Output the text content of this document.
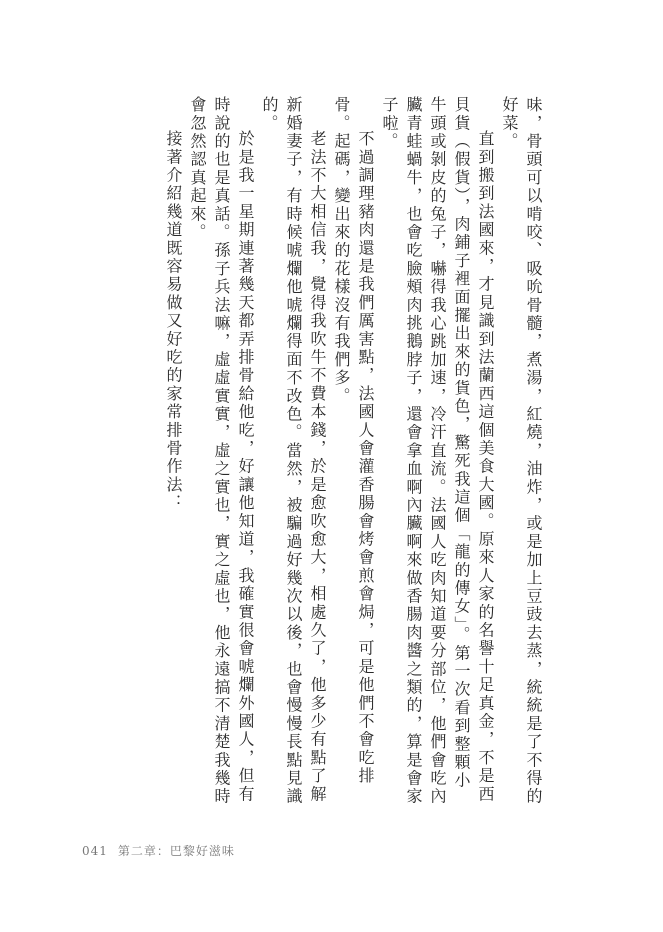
味，骨頭可以啃咬、吸吮骨髓，煮湯，紅燒，油炸，或是加上豆豉去蒸，統統是了不得的
好菜。
直到搬到法國來，才見識到法蘭西這個美食大國。原來人家的名譽十足真金，不是西
貝貨（假貨），肉鋪子裡面擺出來的貨色，驚死我這個「龍的傳女」。第一次看到整顆小
牛頭或剝皮的兔子，嚇得我心跳加速，冷汗直流。法國人吃肉知道要分部位，他們會吃內
臟青蛙蝸牛，也會吃臉頰肉挑鵝脖子，還會拿血啊內臟啊來做香腸肉醬之類的，算是會家
子啦。
不過調理豬肉還是我們厲害點，法國人會灌香腸會烤會煎會焗，可是他們不會吃排
骨。起碼，變出來的花樣沒有我們多。
老法不大相信我，覺得我吹牛不費本錢，於是愈吹愈大，相處久了，他多少有點了解
新婚妻子，有時候唬爛他唬爛得面不改色。當然，被騙過好幾次以後，也會慢慢長點見識
的。
於是我一星期連著幾天都弄排骨給他吃，好讓他知道，我確實很會唬爛外國人，但有
時說的也是真話。孫子兵法嘛，虛虛實實，虛之實也，實之虛也，他永遠搞不清楚我幾時
會忽然認真起來。
接著介紹幾道既容易做又好吃的家常排骨作法：
041 第二章：巴黎好滋味
